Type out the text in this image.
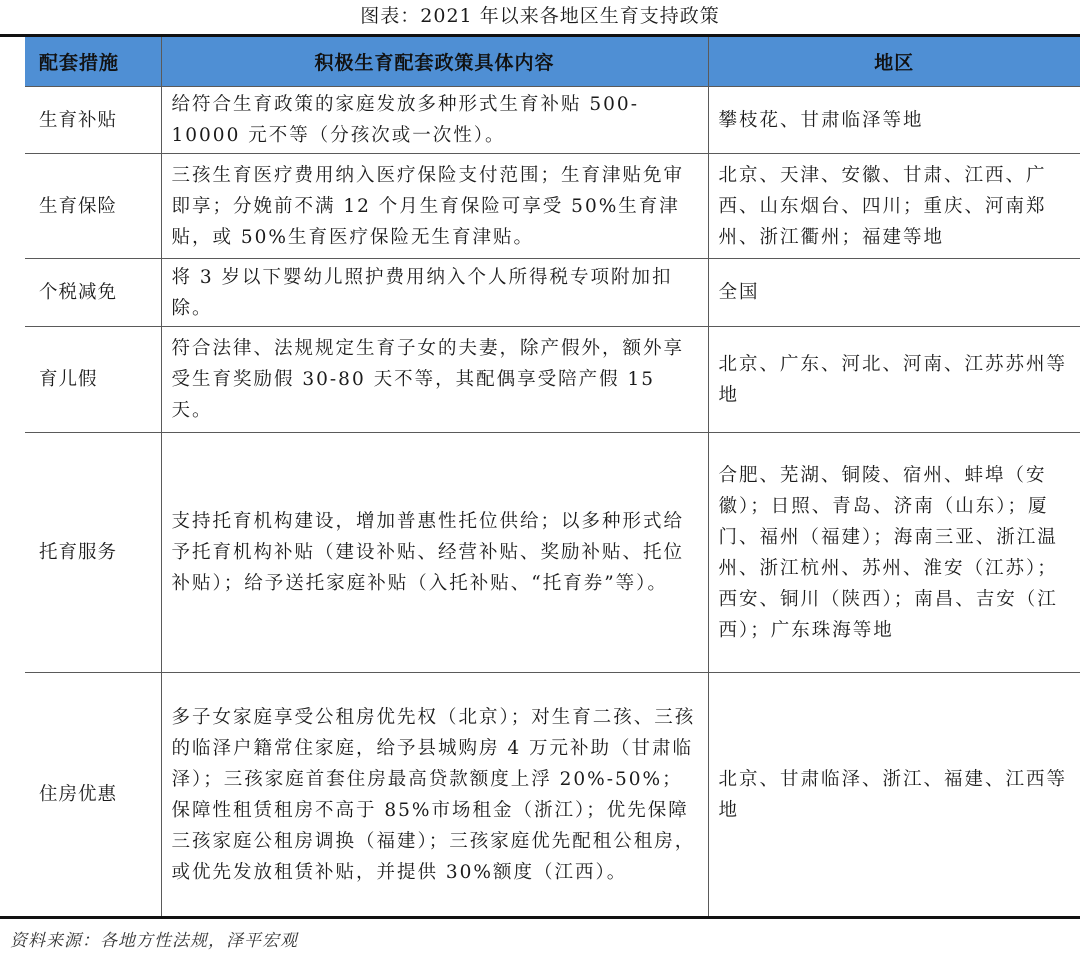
图表：2021 年以来各地区生育支持政策
配套措施	积极生育配套政策具体内容	地区
生育补贴	给符合生育政策的家庭发放多种形式生育补贴 500-10000 元不等（分孩次或一次性）。	攀枝花、甘肃临泽等地
生育保险	三孩生育医疗费用纳入医疗保险支付范围；生育津贴免审即享；分娩前不满 12 个月生育保险可享受 50%生育津贴，或 50%生育医疗保险无生育津贴。	北京、天津、安徽、甘肃、江西、广西、山东烟台、四川；重庆、河南郑州、浙江衢州；福建等地
个税减免	将 3 岁以下婴幼儿照护费用纳入个人所得税专项附加扣除。	全国
育儿假	符合法律、法规规定生育子女的夫妻，除产假外，额外享受生育奖励假 30-80 天不等，其配偶享受陪产假 15 天。	北京、广东、河北、河南、江苏苏州等地
托育服务	支持托育机构建设，增加普惠性托位供给；以多种形式给予托育机构补贴（建设补贴、经营补贴、奖励补贴、托位补贴）；给予送托家庭补贴（入托补贴、“托育券”等）。	合肥、芜湖、铜陵、宿州、蚌埠（安徽）；日照、青岛、济南（山东）；厦门、福州（福建）；海南三亚、浙江温州、浙江杭州、苏州、淮安（江苏）；西安、铜川（陕西）；南昌、吉安（江西）；广东珠海等地
住房优惠	多子女家庭享受公租房优先权（北京）；对生育二孩、三孩的临泽户籍常住家庭，给予县城购房 4 万元补助（甘肃临泽）；三孩家庭首套住房最高贷款额度上浮 20%-50%；保障性租赁租房不高于 85%市场租金（浙江）；优先保障三孩家庭公租房调换（福建）；三孩家庭优先配租公租房，或优先发放租赁补贴，并提供 30%额度（江西）。	北京、甘肃临泽、浙江、福建、江西等地
资料来源：各地方性法规，泽平宏观
